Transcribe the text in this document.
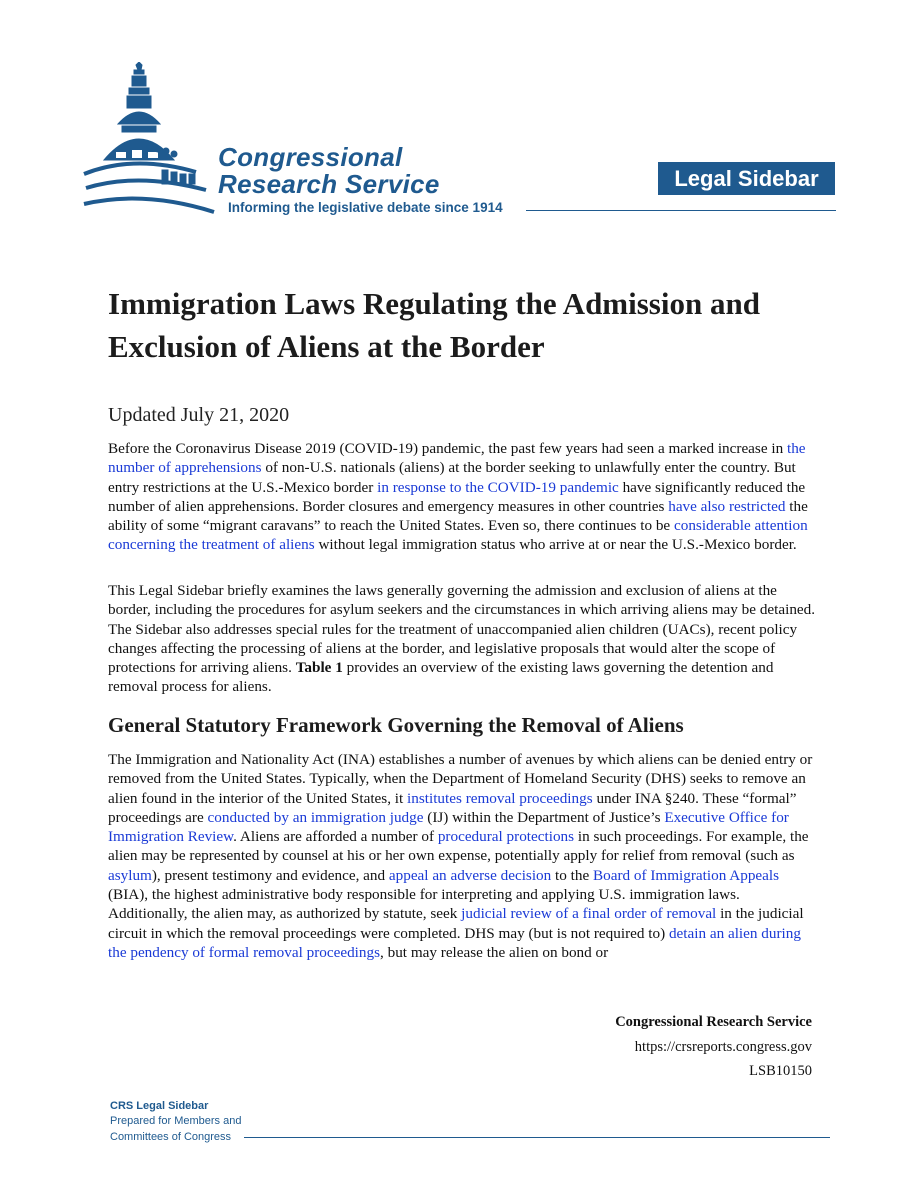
Congressional
Research Service
Informing the legislative debate since 1914
Legal Sidebar
Immigration Laws Regulating the Admission and Exclusion of Aliens at the Border
Updated July 21, 2020

Before the Coronavirus Disease 2019 (COVID-19) pandemic, the past few years had seen a marked increase in the number of apprehensions of non-U.S. nationals (aliens) at the border seeking to unlawfully enter the country. But entry restrictions at the U.S.-Mexico border in response to the COVID-19 pandemic have significantly reduced the number of alien apprehensions. Border closures and emergency measures in other countries have also restricted the ability of some “migrant caravans” to reach the United States. Even so, there continues to be considerable attention concerning the treatment of aliens without legal immigration status who arrive at or near the U.S.-Mexico border.

This Legal Sidebar briefly examines the laws generally governing the admission and exclusion of aliens at the border, including the procedures for asylum seekers and the circumstances in which arriving aliens may be detained. The Sidebar also addresses special rules for the treatment of unaccompanied alien children (UACs), recent policy changes affecting the processing of aliens at the border, and legislative proposals that would alter the scope of protections for arriving aliens. Table 1 provides an overview of the existing laws governing the detention and removal process for aliens.

General Statutory Framework Governing the Removal of Aliens

The Immigration and Nationality Act (INA) establishes a number of avenues by which aliens can be denied entry or removed from the United States. Typically, when the Department of Homeland Security (DHS) seeks to remove an alien found in the interior of the United States, it institutes removal proceedings under INA §240. These “formal” proceedings are conducted by an immigration judge (IJ) within the Department of Justice’s Executive Office for Immigration Review. Aliens are afforded a number of procedural protections in such proceedings. For example, the alien may be represented by counsel at his or her own expense, potentially apply for relief from removal (such as asylum), present testimony and evidence, and appeal an adverse decision to the Board of Immigration Appeals (BIA), the highest administrative body responsible for interpreting and applying U.S. immigration laws. Additionally, the alien may, as authorized by statute, seek judicial review of a final order of removal in the judicial circuit in which the removal proceedings were completed. DHS may (but is not required to) detain an alien during the pendency of formal removal proceedings, but may release the alien on bond or

Congressional Research Service
https://crsreports.congress.gov
LSB10150
CRS Legal Sidebar
Prepared for Members and
Committees of Congress
